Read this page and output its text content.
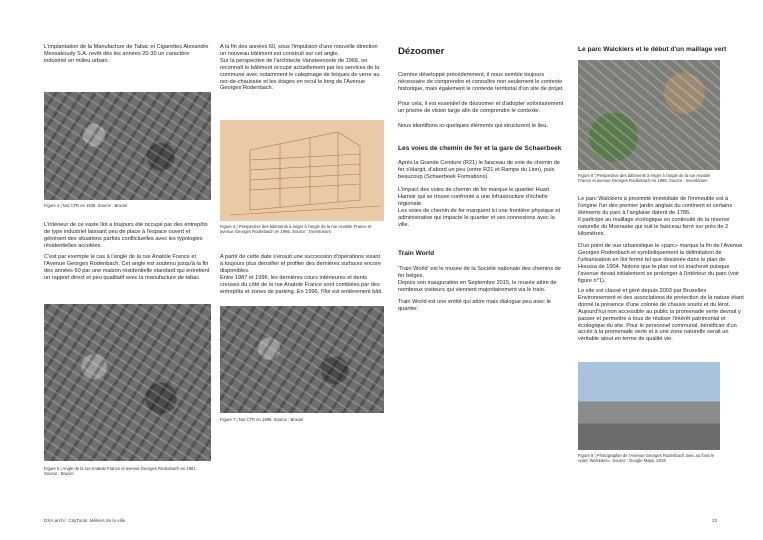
L'implantation de la Manufacture de Tabac et Cigarettes Alexandre Messakoudy S.A. revêt dès les années 20-30 un caractère industriel en milieu urbain.

Figure 4 | Not CTR en 1935. Source : Bruciel

L'intérieur de ce vaste îlot a toujours été occupé par des entrepôts de type industriel laissant peu de place à l'espace ouvert et générant des situations parfois conflictuelles avec les typologies résidentielles accolées.

C'est par exemple le cas à l'angle de la rue Anatole France et l'Avenue Georges Rodenbach. Cet angle est soutenu jusqu'à la fin des années 60 par une maison résidentielle standard qui entretient un rapport direct et peu qualitatif avec la manufacture de tabac.

Figure 5 | Angle de la rue Anatole France et avenue Georges Rodenbach en 1961. Source : Bruciel

A la fin des années 60, sous l'impulsion d'une nouvelle direction un nouveau bâtiment est construit sur cet angle.
Sur la perspective de l'architecte Vansteenoote de 1966, on reconnaît le bâtiment occupé actuellement par les services de la commune avec notamment le calepinage de briques de verre au rez-de-chaussée et les étages en recul le long de l'Avenue Georges Rodenbach.

Figure 6 | Perspective des bâtiments à ériger à l'angle de la rue Anatole France et avenue Georges Rodenbach en 1966. Source : Inventorium

A partir de cette date s'ensuit une succession d'opérations visant à toujours plus densifier et profiter des dernières surfaces encore disponibles.
Entre 1987 et 1996, les dernières cours intérieures et dents creuses du côté de la rue Anatole France sont comblées par des entrepôts et zones de parking. En 1996, l'îlot est entièrement bâti.

Figure 7 | Not CTR en 1996. Source : Bruciel

Dézoomer

Comme développé précédemment, il nous semble toujours nécessaire de comprendre et connaître non seulement le contexte historique, mais également le contexte territorial d'un site de projet.

Pour cela, il est essentiel de dézoomer et d'adopter volontairement un prisme de vision large afin de comprendre le contexte.

Nous identifions ici quelques éléments qui structurent le lieu.

Les voies de chemin de fer et la gare de Schaerbeek

Après la Grande Ceinture (R21) le faisceau de voie de chemin de fer s'élargit, d'abord un peu (entre R21 et Rampe du Lion), puis beaucoup (Schaerbeek Formations).

L'impact des voies de chemin de fer marque le quartier Huart Hamoir qui se trouve confronté à une infrastructure d'échelle régionale.
Les voies de chemin de fer marquent ici une frontière physique et administrative qui impacte le quartier et ses connexions avec la ville.

Train World

'Train World' est le musée de la Société nationale des chemins de fer belges.
Depuis son inauguration en Septembre 2015, le musée attire de nombreux visiteurs qui viennent majoritairement via le train.

Train World est une entité qui attire mais dialogue peu avec le quartier.

Le parc Walckiers et le début d'un maillage vert

Figure 8 | Perspective des bâtiments à ériger à l'angle de la rue Anatole France et avenue Georges Rodenbach en 1966. Source : Inventorium

Le parc Walckiers à proximité immédiate de l'immeuble est à l'origine l'un des premier jardin anglais du continent et certains éléments du parc à l'anglaise datent de 1786.
Il participe au maillage écologique en continuité de la réserve naturelle du Moeraske qui suit le faisceau ferré sur près de 2 kilomètres.

D'un point de vue urbanistique le «parc» marque la fin de l'Avenue Georges Rodenbach et symboliquement la délimitation de l'urbanisation en îlot fermé tel que dessinée dans le plan de Houssa de 1904. Notons que le plan est ici inachevé puisque l'avenue devait initialement se prolonger à l'intérieur du parc (voir figure n°1).

Le site est classé et géré depuis 2003 par Bruxelles Environnement et des associations de protection de la nature étant donné la présence d'une colonie de chauve souris et du lérot. Aujourd'hui non accessible au public la promenade verte devrait y passer et permettre à tous de réaliser l'intérêt patrimonial et écologique du site. Pour le personnel communal, bénéficier d'un accès à la promenade verte et à une zone naturelle serait un véritable atout en terme de qualité vie.

Figure 9 | Photographie de l'Avenue Georges Rodenbach avec au fond le «parc Walckiers». Source : Google Maps, 2019

DXA.archi : CityTools. Métiers de la ville	23
